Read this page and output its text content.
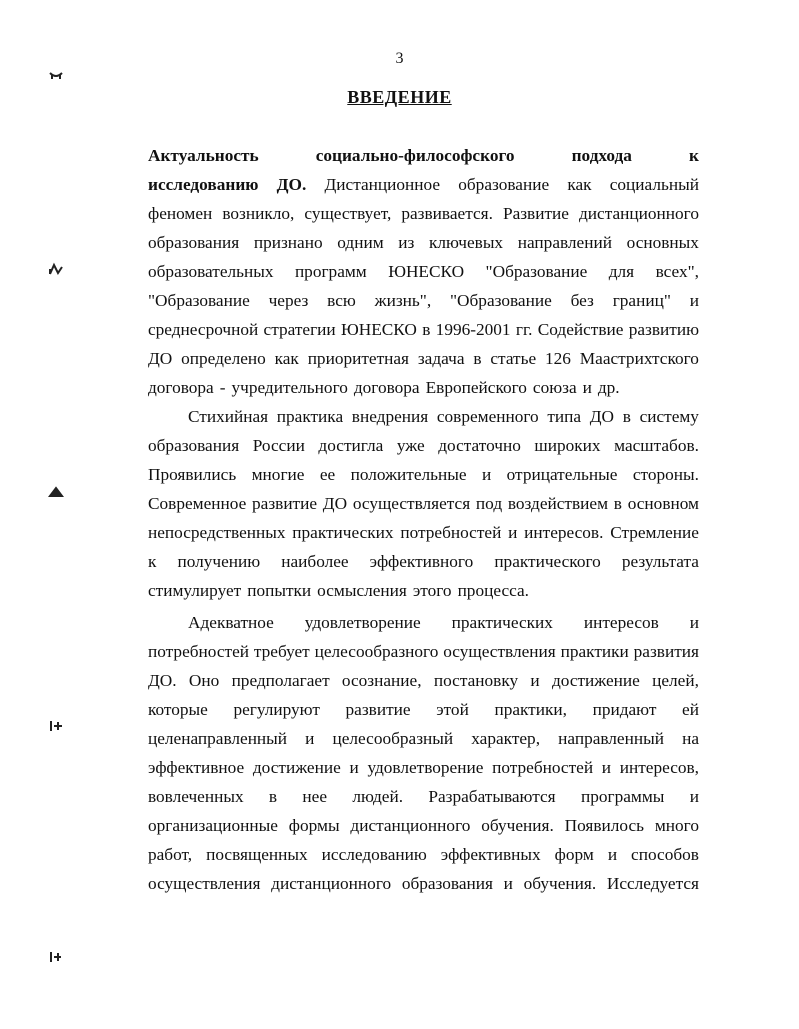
3
ВВЕДЕНИЕ
Актуальность	социально-философского	подхода	к
исследованию ДО. Дистанционное образование как социальный
феномен возникло, существует, развивается. Развитие дистанционного
образования признано одним из ключевых направлений основных
образовательных программ ЮНЕСКО "Образование для всех",
"Образование через всю жизнь", "Образование без границ" и
среднесрочной стратегии ЮНЕСКО в 1996-2001 гг. Содействие развитию
ДО определено как приоритетная задача в статье 126 Маастрихтского
договора - учредительного договора Европейского союза и др.
Стихийная практика внедрения современного типа ДО в систему
образования России достигла уже достаточно широких масштабов.
Проявились многие ее положительные и отрицательные стороны.
Современное развитие ДО осуществляется под воздействием в основном
непосредственных практических потребностей и интересов. Стремление
к получению наиболее эффективного практического результата
стимулирует попытки осмысления этого процесса.
Адекватное удовлетворение практических интересов и
потребностей требует целесообразного осуществления практики развития
ДО. Оно предполагает осознание, постановку и достижение целей,
которые регулируют развитие этой практики, придают ей
целенаправленный и целесообразный характер, направленный на
эффективное достижение и удовлетворение потребностей и интересов,
вовлеченных в нее людей. Разрабатываются программы и
организационные формы дистанционного обучения. Появилось много
работ, посвященных исследованию эффективных форм и способов
осуществления дистанционного образования и обучения. Исследуется
